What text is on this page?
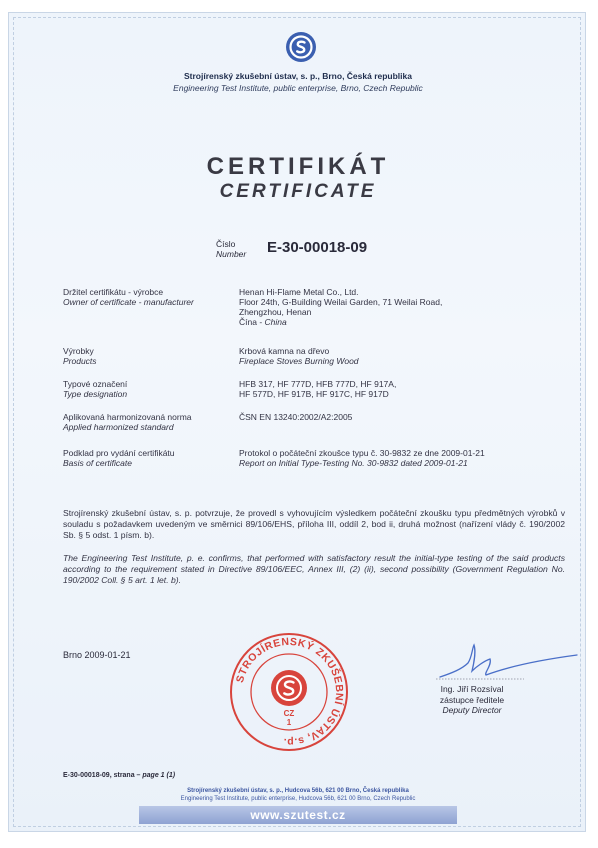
Strojírenský zkušební ústav, s. p., Brno, Česká republika
Engineering Test Institute, public enterprise, Brno, Czech Republic
CERTIFIKÁT
CERTIFICATE
Číslo
Number E-30-00018-09
Držitel certifikátu - výrobce
Owner of certificate - manufacturer
Henan Hi-Flame Metal Co., Ltd.
Floor 24th, G-Building Weilai Garden, 71 Weilai Road,
Zhengzhou, Henan
Čína - China
Výrobky
Products
Krbová kamna na dřevo
Fireplace Stoves Burning Wood
Typové označení
Type designation
HFB 317, HF 777D, HFB 777D, HF 917A,
HF 577D, HF 917B, HF 917C, HF 917D
Aplikovaná harmonizovaná norma
Applied harmonized standard
ČSN EN 13240:2002/A2:2005
Podklad pro vydání certifikátu
Basis of certificate
Protokol o počáteční zkoušce typu č. 30-9832 ze dne 2009-01-21
Report on Initial Type-Testing No. 30-9832 dated 2009-01-21
Strojírenský zkušební ústav, s. p. potvrzuje, že provedl s vyhovujícím výsledkem počáteční zkoušku typu předmětných výrobků v souladu s požadavkem uvedeným ve směrnici 89/106/EHS, příloha III, oddíl 2, bod ii, druhá možnost (nařízení vlády č. 190/2002 Sb. § 5 odst. 1 písm. b).
The Engineering Test Institute, p. e. confirms, that performed with satisfactory result the initial-type testing of the said products according to the requirement stated in Directive 89/106/EEC, Annex III, (2) (ii), second possibility (Government Regulation No. 190/2002 Coll. § 5 art. 1 let. b).
Brno 2009-01-21
STROJÍRENSKÝ ZKUŠEBNÍ ÚSTAV, s.p.
CZ
1
Ing. Jiří Rozsíval
zástupce ředitele
Deputy Director
E-30-00018-09, strana – page 1 (1)
Strojírenský zkušební ústav, s. p., Hudcova 56b, 621 00 Brno, Česká republika
Engineering Test Institute, public enterprise, Hudcova 56b, 621 00 Brno, Czech Republic
www.szutest.cz
